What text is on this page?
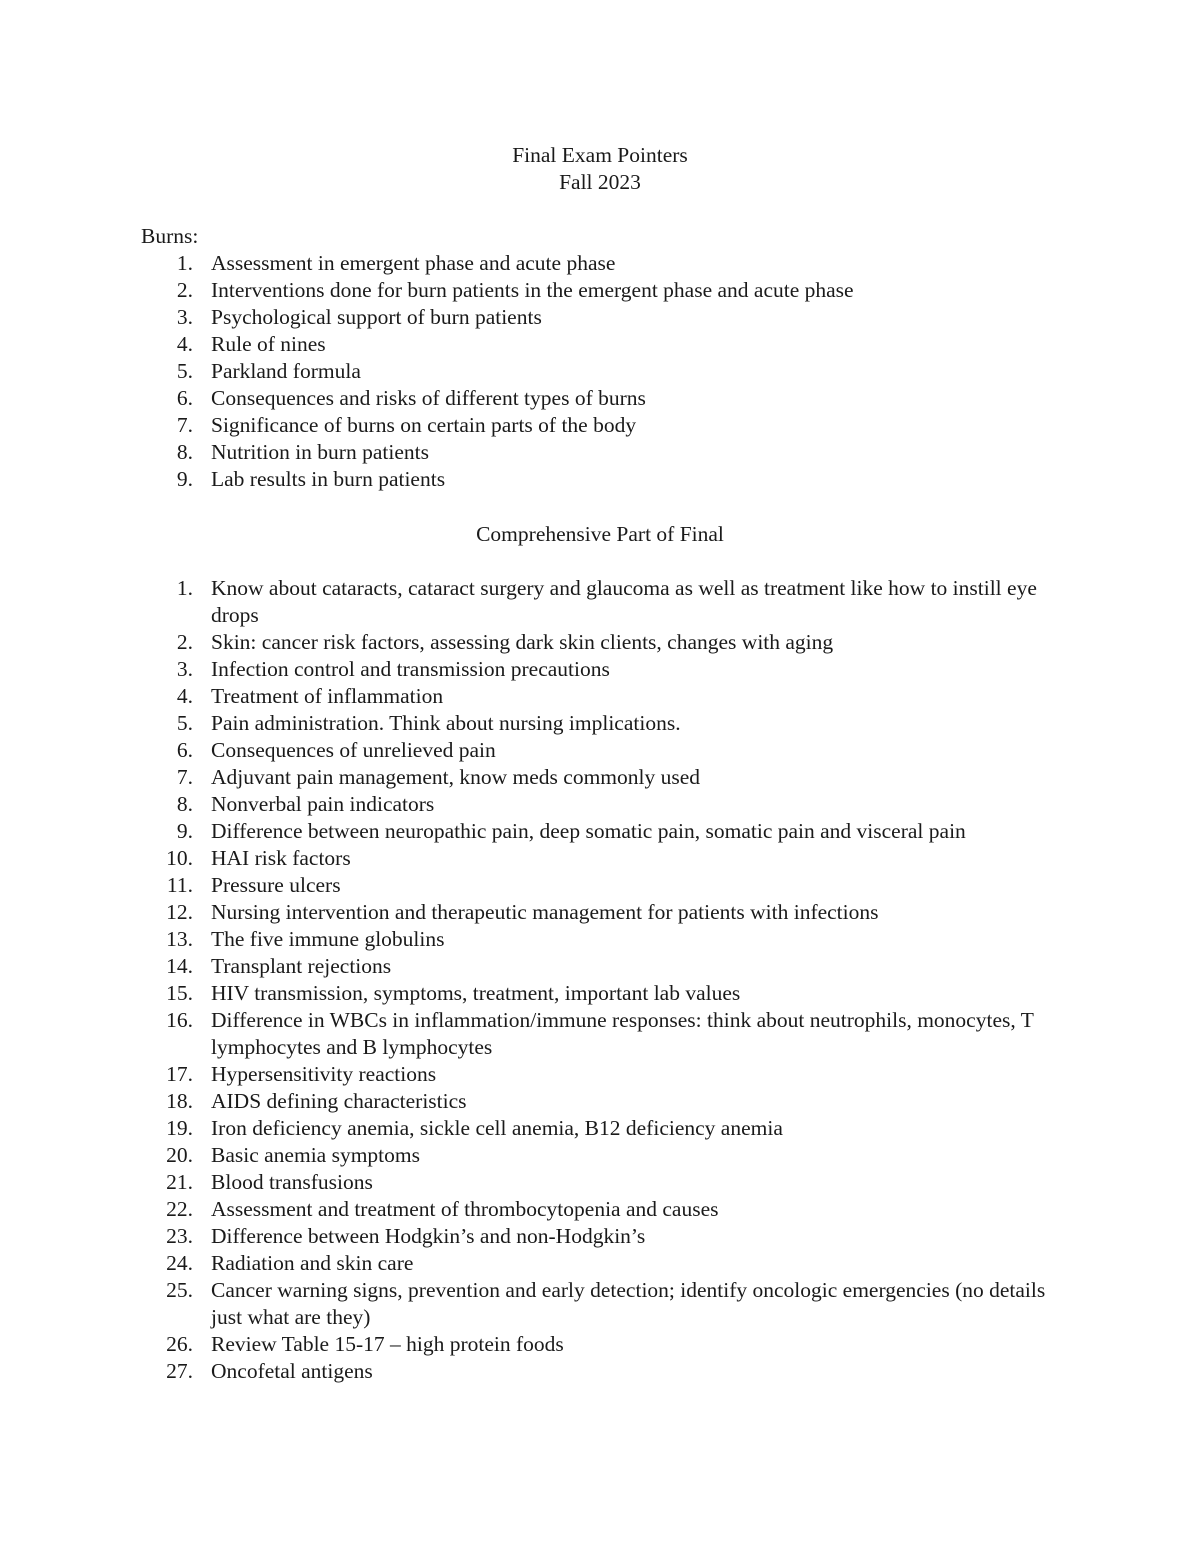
Final Exam Pointers
Fall 2023
Burns:
1. Assessment in emergent phase and acute phase
2. Interventions done for burn patients in the emergent phase and acute phase
3. Psychological support of burn patients
4. Rule of nines
5. Parkland formula
6. Consequences and risks of different types of burns
7. Significance of burns on certain parts of the body
8. Nutrition in burn patients
9. Lab results in burn patients
Comprehensive Part of Final
1. Know about cataracts, cataract surgery and glaucoma as well as treatment like how to instill eye drops
2. Skin: cancer risk factors, assessing dark skin clients, changes with aging
3. Infection control and transmission precautions
4. Treatment of inflammation
5. Pain administration. Think about nursing implications.
6. Consequences of unrelieved pain
7. Adjuvant pain management, know meds commonly used
8. Nonverbal pain indicators
9. Difference between neuropathic pain, deep somatic pain, somatic pain and visceral pain
10. HAI risk factors
11. Pressure ulcers
12. Nursing intervention and therapeutic management for patients with infections
13. The five immune globulins
14. Transplant rejections
15. HIV transmission, symptoms, treatment, important lab values
16. Difference in WBCs in inflammation/immune responses: think about neutrophils, monocytes, T lymphocytes and B lymphocytes
17. Hypersensitivity reactions
18. AIDS defining characteristics
19. Iron deficiency anemia, sickle cell anemia, B12 deficiency anemia
20. Basic anemia symptoms
21. Blood transfusions
22. Assessment and treatment of thrombocytopenia and causes
23. Difference between Hodgkin’s and non-Hodgkin’s
24. Radiation and skin care
25. Cancer warning signs, prevention and early detection; identify oncologic emergencies (no details just what are they)
26. Review Table 15-17 – high protein foods
27. Oncofetal antigens
